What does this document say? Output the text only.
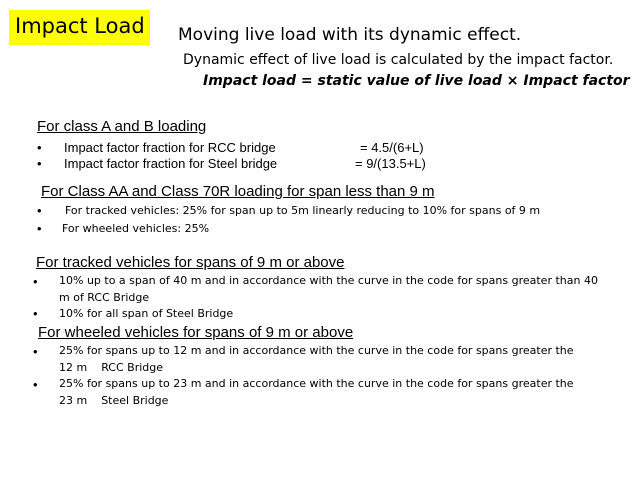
Impact Load Moving live load with its dynamic effect.
Dynamic effect of live load is calculated by the impact factor.
Impact load = static value of live load × Impact factor
For class A and B loading
• Impact factor fraction for RCC bridge	= 4.5/(6+L)
• Impact factor fraction for Steel bridge	= 9/(13.5+L)
For Class AA and Class 70R loading for span less than 9 m
• For tracked vehicles: 25% for span up to 5m linearly reducing to 10% for spans of 9 m
• For wheeled vehicles: 25%
For tracked vehicles for spans of 9 m or above
• 10% up to a span of 40 m and in accordance with the curve in the code for spans greater than 40
m of RCC Bridge
• 10% for all span of Steel Bridge
For wheeled vehicles for spans of 9 m or above
• 25% for spans up to 12 m and in accordance with the curve in the code for spans greater the
12 m    RCC Bridge
• 25% for spans up to 23 m and in accordance with the curve in the code for spans greater the
23 m    Steel Bridge
